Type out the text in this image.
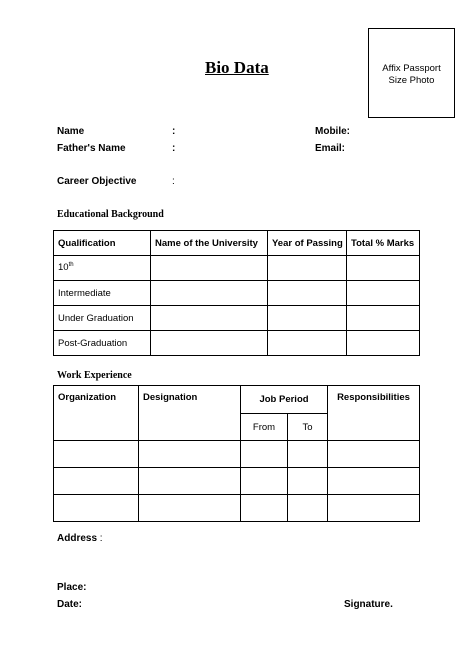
Bio Data	Affix Passport
Size Photo
Name	:	Mobile:
Father's Name	:	Email:
Career Objective	:
Educational Background
Qualification	Name of the University	Year of Passing	Total % Marks
10th			
Intermediate			
Under Graduation			
Post-Graduation			
Work Experience
Organization	Designation	Job Period		Responsibilities
		From	To	

Address :
Place:
Date:	Signature.
